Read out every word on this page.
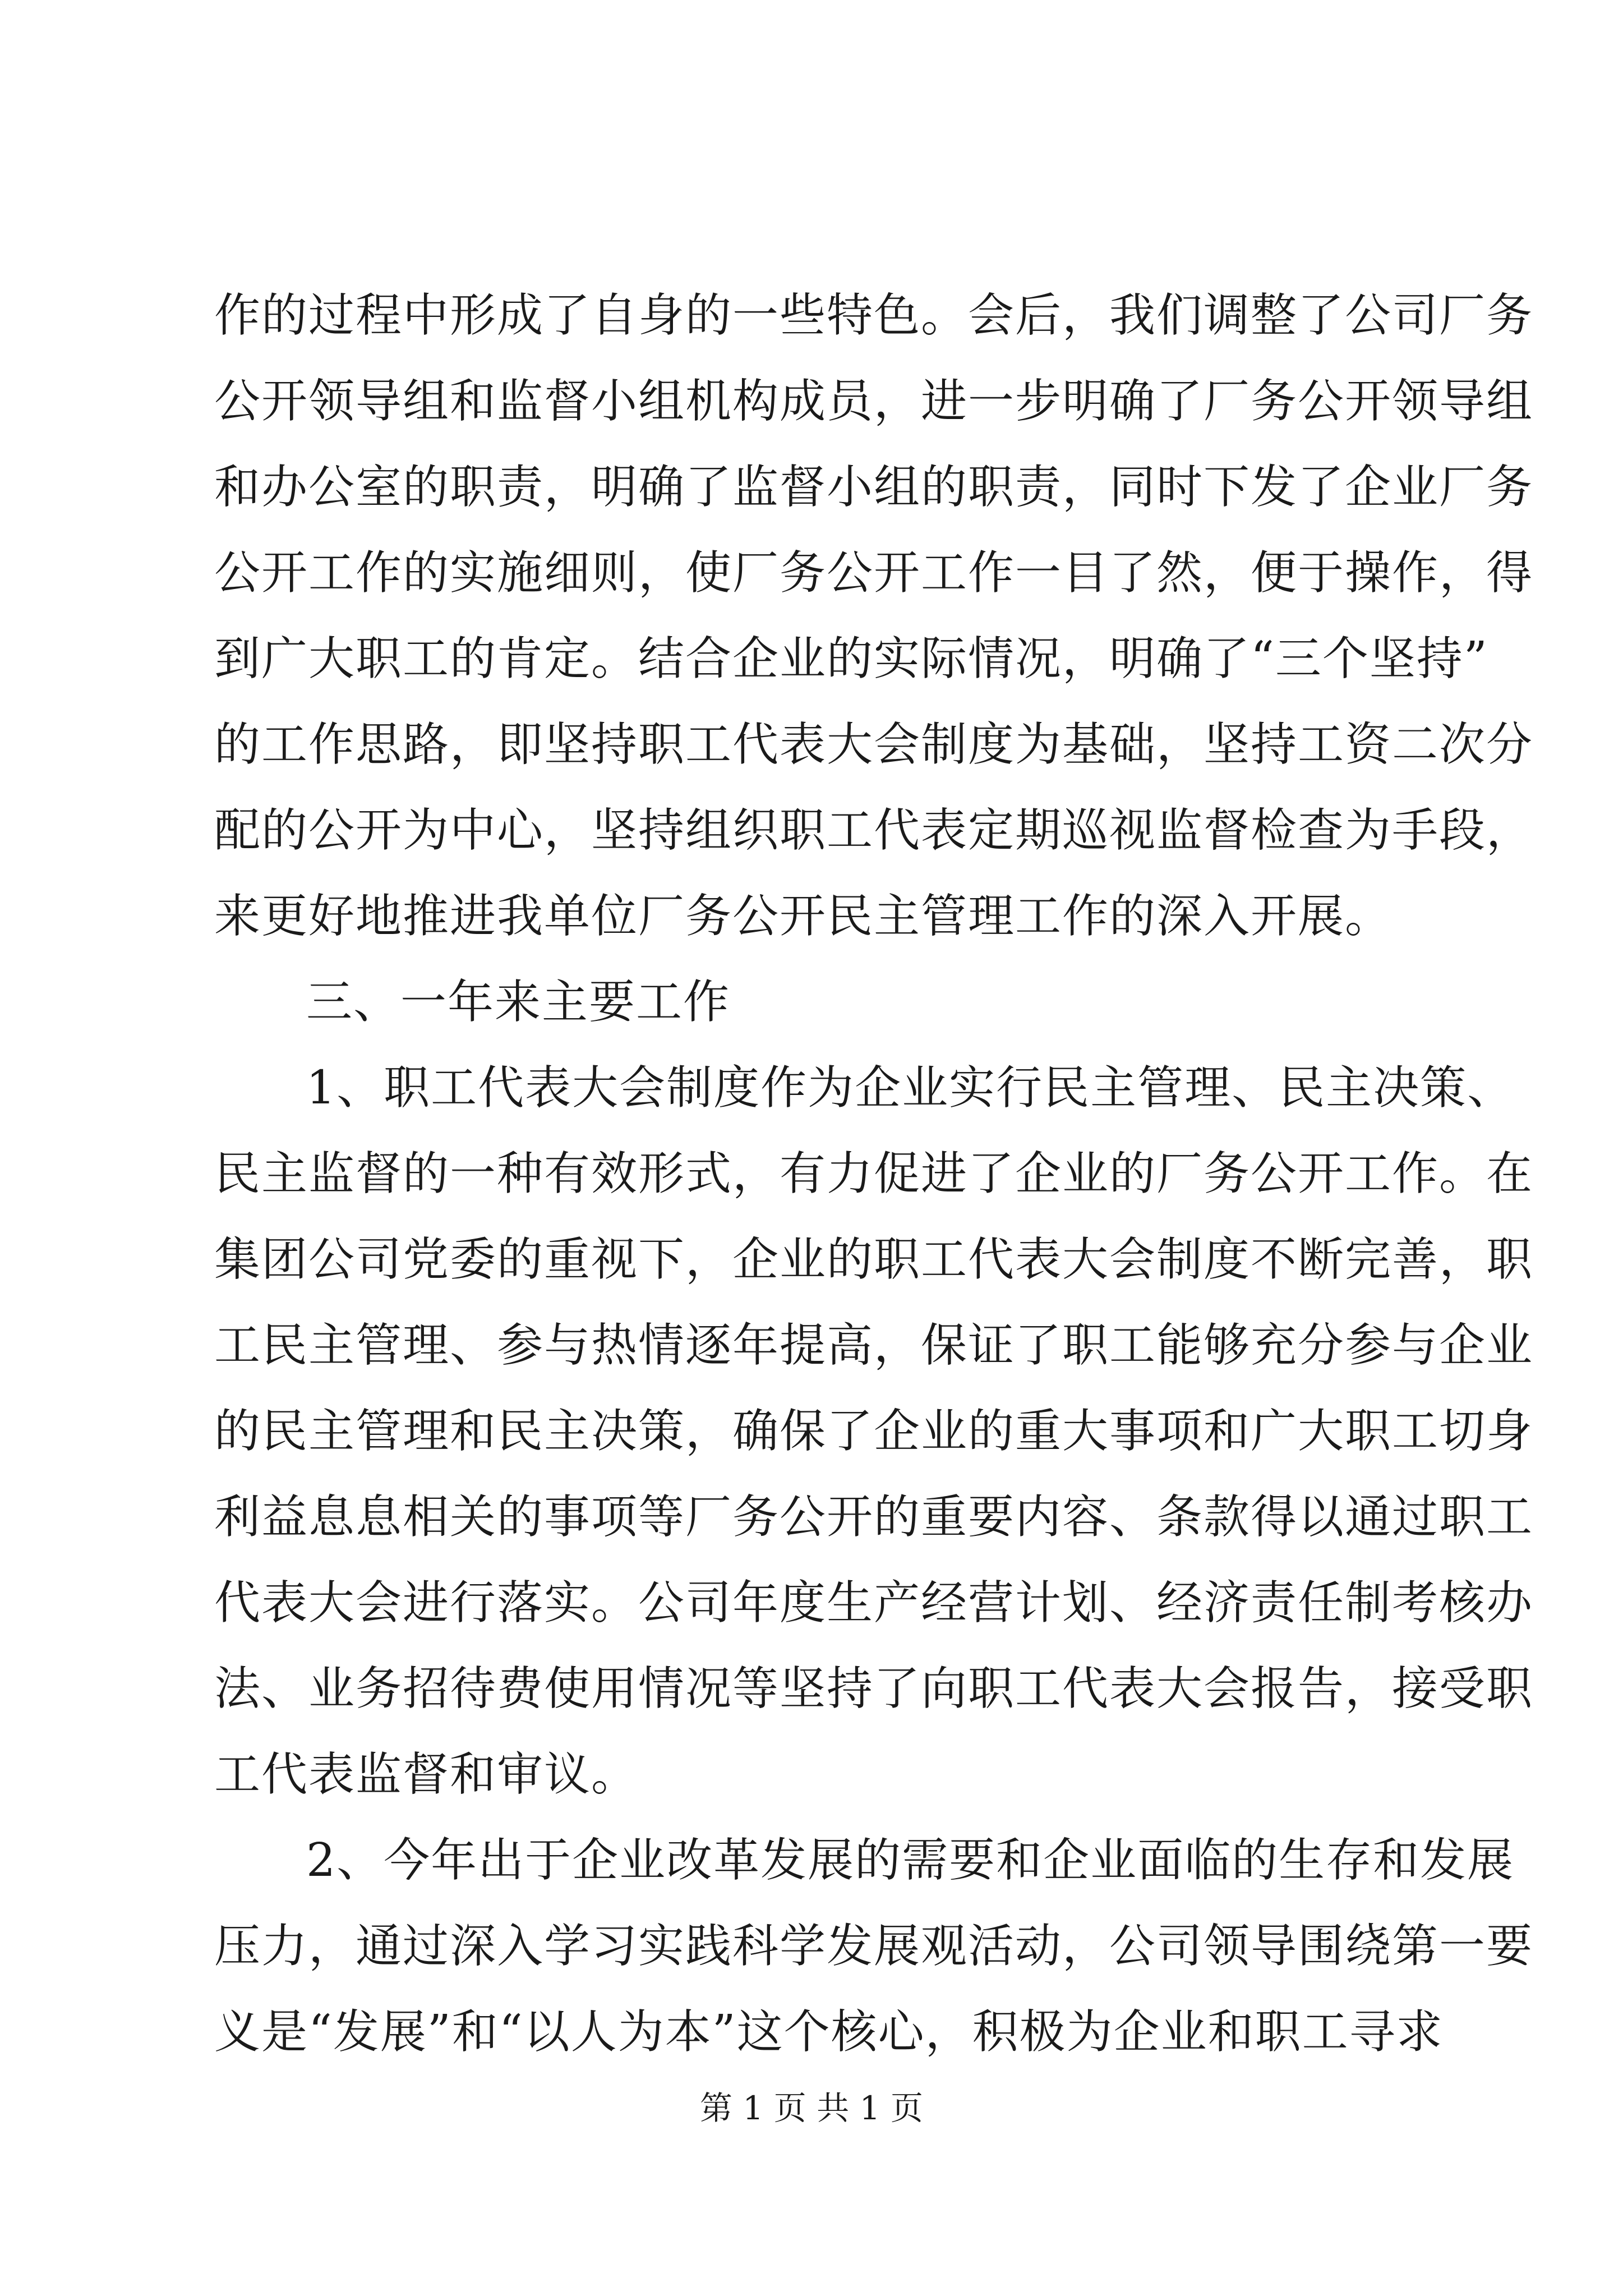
作的过程中形成了自身的一些特色。会后，我们调整了公司厂务
公开领导组和监督小组机构成员，进一步明确了厂务公开领导组
和办公室的职责，明确了监督小组的职责，同时下发了企业厂务
公开工作的实施细则，使厂务公开工作一目了然，便于操作，得
到广大职工的肯定。结合企业的实际情况，明确了“三个坚持”
的工作思路，即坚持职工代表大会制度为基础，坚持工资二次分
配的公开为中心，坚持组织职工代表定期巡视监督检查为手段，
来更好地推进我单位厂务公开民主管理工作的深入开展。
三、一年来主要工作
1、职工代表大会制度作为企业实行民主管理、民主决策、
民主监督的一种有效形式，有力促进了企业的厂务公开工作。在
集团公司党委的重视下，企业的职工代表大会制度不断完善，职
工民主管理、参与热情逐年提高，保证了职工能够充分参与企业
的民主管理和民主决策，确保了企业的重大事项和广大职工切身
利益息息相关的事项等厂务公开的重要内容、条款得以通过职工
代表大会进行落实。公司年度生产经营计划、经济责任制考核办
法、业务招待费使用情况等坚持了向职工代表大会报告，接受职
工代表监督和审议。
2、今年出于企业改革发展的需要和企业面临的生存和发展
压力，通过深入学习实践科学发展观活动，公司领导围绕第一要
义是“发展”和“以人为本”这个核心，积极为企业和职工寻求
第 1 页 共 1 页
